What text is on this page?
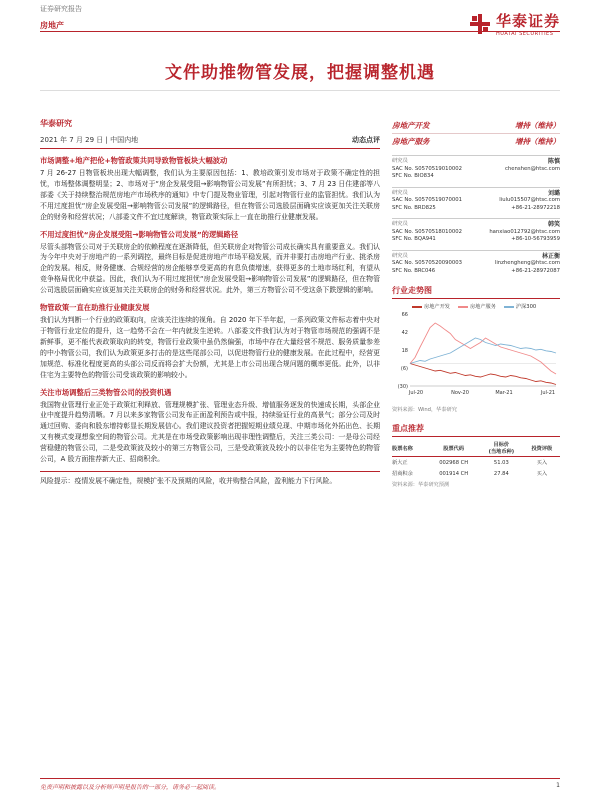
证券研究报告
房地产	华泰证券
HUATAI SECURITIES
文件助推物管发展，把握调整机遇
华泰研究
2021 年 7 月 29 日 | 中国内地	动态点评
市场调整+地产把伦+物管政策共同导致物管板块大幅波动
7 月 26-27 日物管板块出现大幅调整，我们认为主要原因包括：1、教培政策引发市场对于政策不确定性的担忧，市场整体调整明显；2、市场对于“房企发展受阻→影响物管公司发展”有所担忧；3、7 月 23 日住建部等八部委《关于持续整治规范房地产市场秩序的通知》中专门提及物业管理，引起对物管行业的监管担忧。我们认为不用过度担忧“房企发展受阻→影响物管公司发展”的逻辑路径，但在物管公司选股层面确实应该更加关注关联房企的财务和经营状况；八部委文件不宜过度解读，物管政策实际上一直在助推行业健康发展。
不用过度担忧“房企发展受阻→影响物管公司发展”的逻辑路径
尽管头部物管公司对于关联房企的依赖程度在逐渐降低，但关联房企对物管公司成长确实具有重要意义。我们认为今年中央对于房地产的一系列调控，最终目标是促进房地产市场平稳发展，而并非要打击房地产行业、挑杀房企的发展。相反，财务健康、合规经营的房企能够享受更高的有息负债增速，获得更多的土地市场红利，有望从竞争格局优化中获益。因此，我们认为不用过度担忧“房企发展受阻→影响物管公司发展”的逻辑路径，但在物管公司选股层面确实应该更加关注关联房企的财务和经营状况。此外，第三方物管公司不受这条下跌逻辑的影响。
物管政策一直在助推行业健康发展
我们认为判断一个行业的政策取向，应该关注连续的视角。自 2020 年下半年起，一系列政策文件标志着中央对于物管行业定位的提升，这一趋势不会在一年内就发生逆转。八部委文件我们认为对于物管市场规范的强调不是新鲜事，更不能代表政策取向的转变，物管行业政策中虽仍然偏强，市场中存在大量经营不规范、服务质量参差的中小物管公司，我们认为政策更多打击的是这些尾部公司，以促进物管行业的健康发展。在此过程中，经营更加规范、标准化程度更高的头部公司反而将会扩大份额，尤其是上市公司出现合规问题的概率更低。此外，以非住宅为主要特色的物管公司受该政策的影响较小。
关注市场调整后三类物管公司的投资机遇
我国物业管理行业正处于政策红利释放、管理规模扩张、管理业态升级、增值服务逐发的快速成长期，头部企业业中度提升趋势清晰。7 月以来多家物管公司发布正面盈利预告或中报，持续验证行业的高景气；部分公司及时通过回购、委向和股东增持彰显长期发展信心。我们建议投资者把握短期业绩兑现、中期市场化外拓出色、长期又有模式变现想象空间的物管公司。尤其是在市场受政策影响出现非理性调整后，关注三类公司：一是母公司经营稳健的物管公司，二是受政策波及较小的第三方物管公司，三是受政策波及较小的以非住宅为主要特色的物管公司，A 股方面推荐新大正、招商积余。
风险提示：疫情发展不确定性，规模扩张不及预期的风险，收并购整合风险，盈利能力下行风险。
房地产开发	增持（维持）
房地产服务	增持（维持）
研究员	陈慎
SAC No. S0570519010002	chenshen@htsc.com
SFC No. BIO834
研究员	刘璐
SAC No. S0570519070001	liulu015507@htsc.com
SFC No. BRD825	+86-21-28972218
研究员	韩笑
SAC No. S0570518010002	hanxiao012792@htsc.com
SFC No. BQA941	+86-10-56793959
研究员	林正衡
SAC No. S0570520090003	linzhengheng@htsc.com
SFC No. BRC046	+86-21-28972087
行业走势图
房地产开发	房地产服务	沪深300
66
42
18
(6)
(30)
Jul-20	Nov-20	Mar-21	Jul-21
资料来源：Wind，华泰研究
重点推荐
股票名称	股票代码	目标价
(当地币种)	投资评级
新大正	002968 CH	51.03	买入
招商积余	001914 CH	27.84	买入
资料来源：华泰研究预测
免责声明和披露以及分析师声明是报告的一部分，请务必一起阅读。	1
